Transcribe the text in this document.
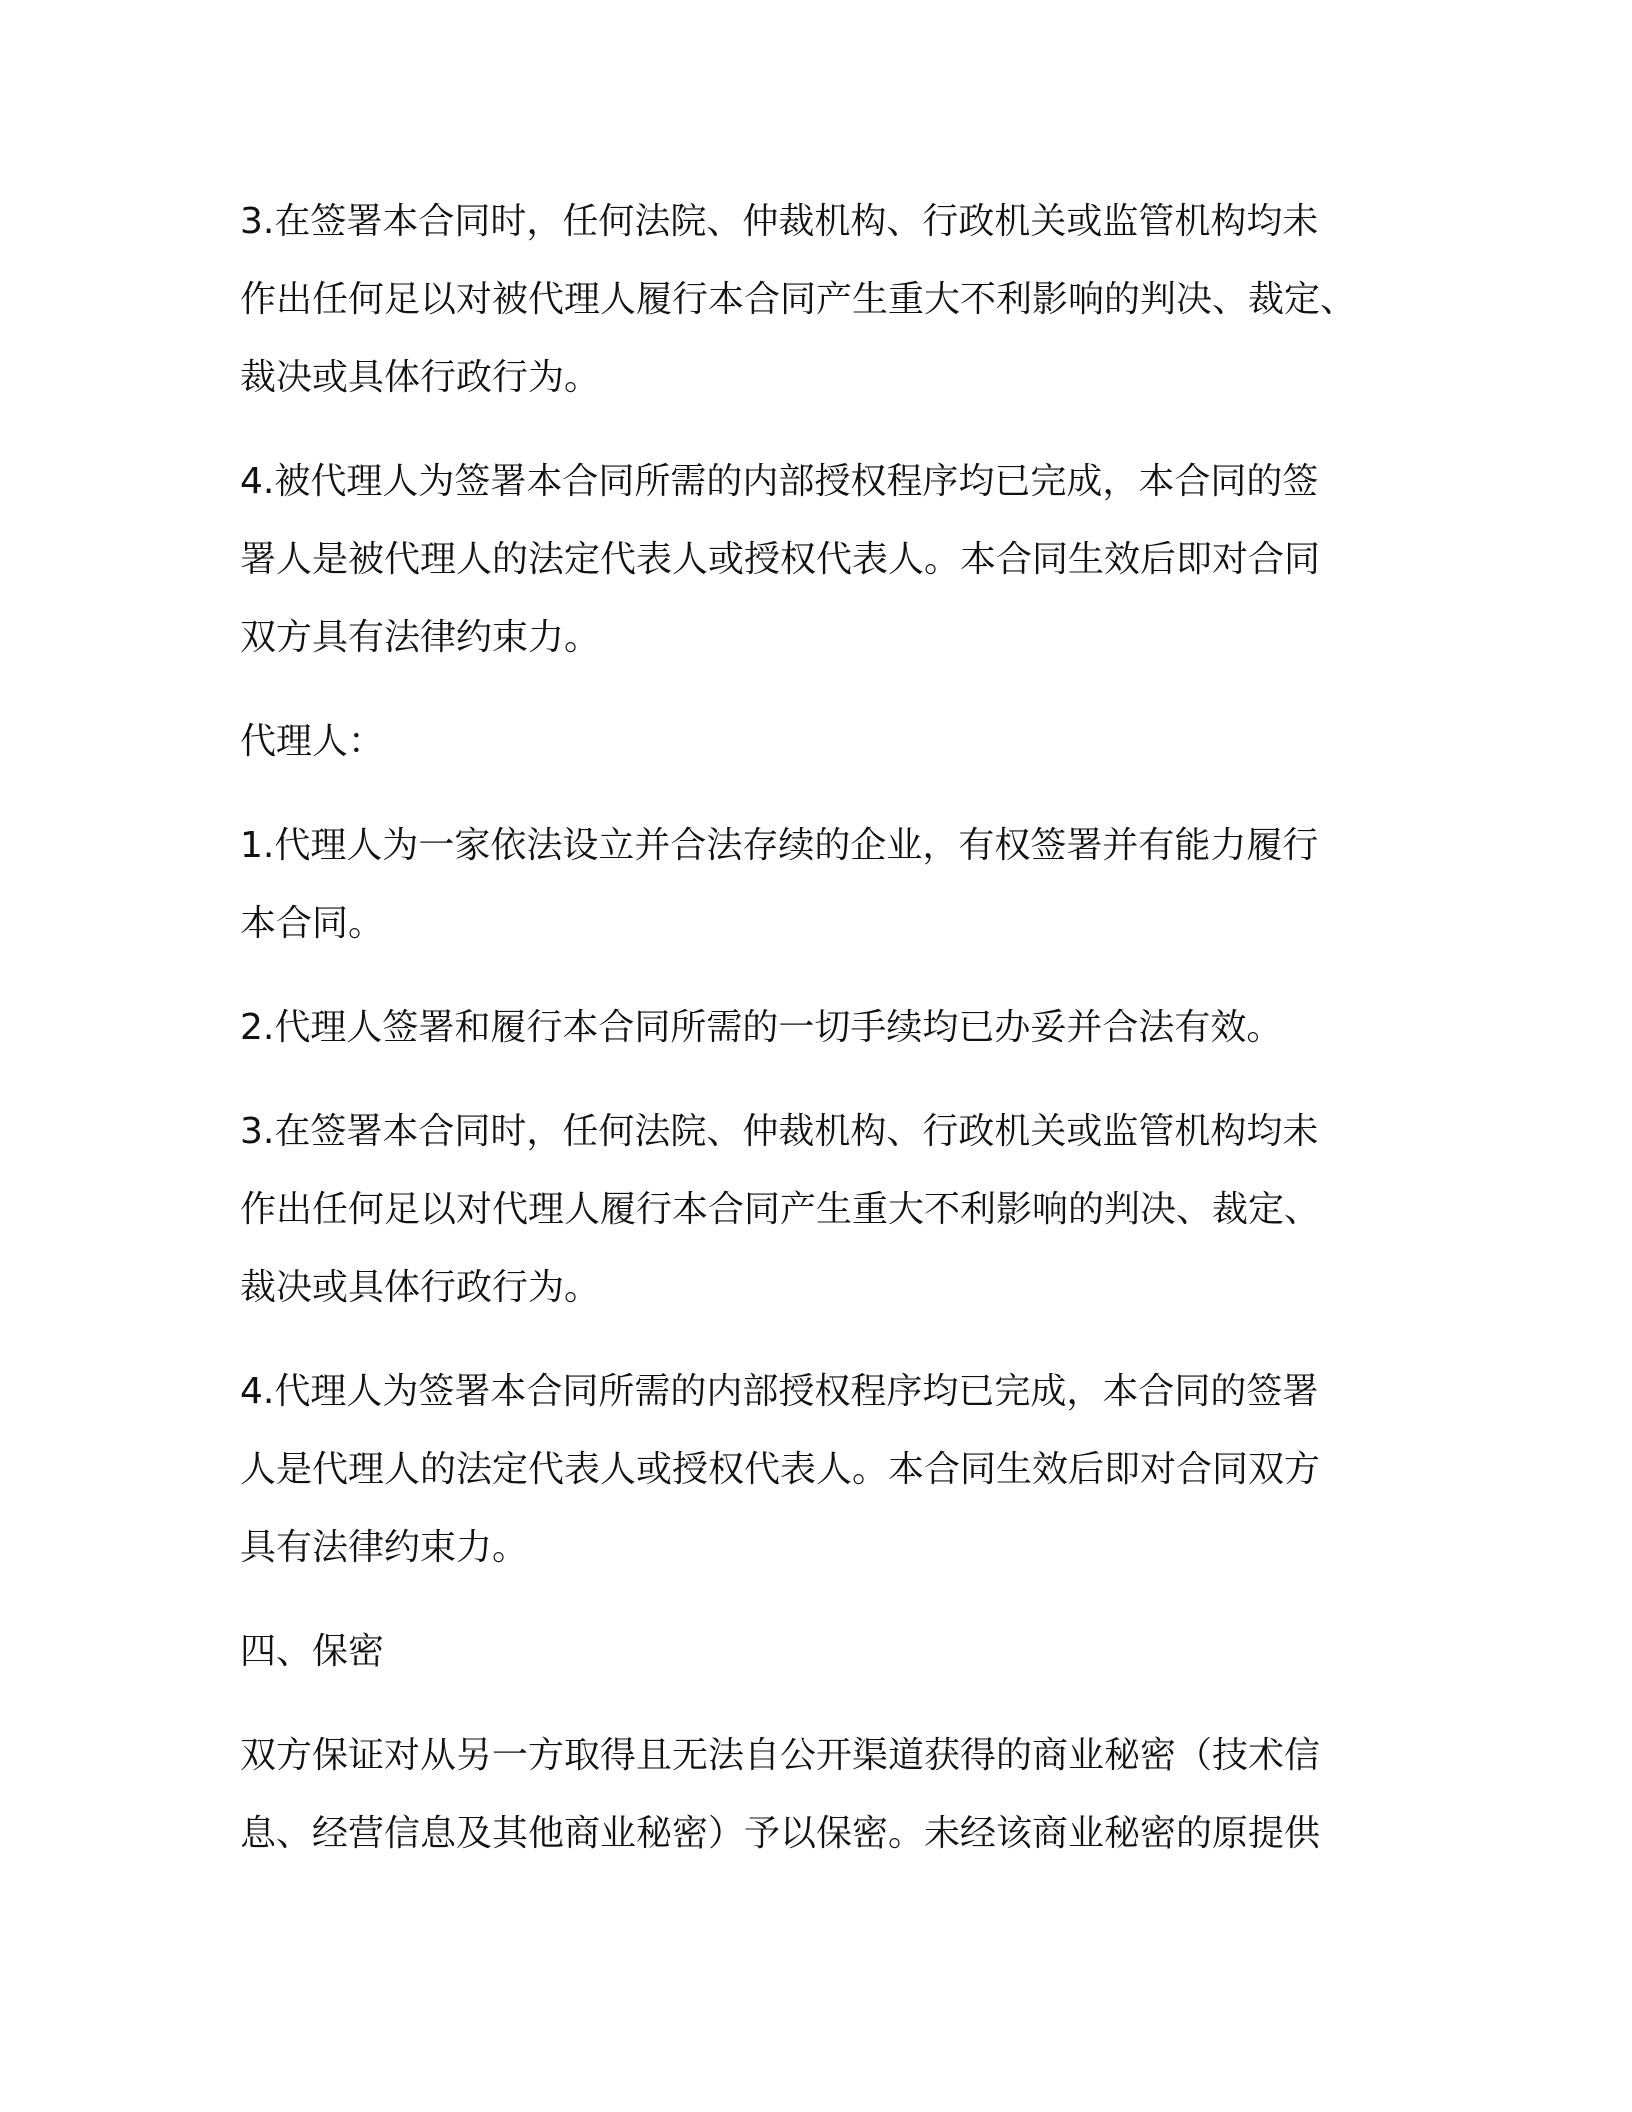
3.在签署本合同时，任何法院、仲裁机构、行政机关或监管机构均未
作出任何足以对被代理人履行本合同产生重大不利影响的判决、裁定、
裁决或具体行政行为。

4.被代理人为签署本合同所需的内部授权程序均已完成，本合同的签
署人是被代理人的法定代表人或授权代表人。本合同生效后即对合同
双方具有法律约束力。

代理人：

1.代理人为一家依法设立并合法存续的企业，有权签署并有能力履行
本合同。

2.代理人签署和履行本合同所需的一切手续均已办妥并合法有效。

3.在签署本合同时，任何法院、仲裁机构、行政机关或监管机构均未
作出任何足以对代理人履行本合同产生重大不利影响的判决、裁定、
裁决或具体行政行为。

4.代理人为签署本合同所需的内部授权程序均已完成，本合同的签署
人是代理人的法定代表人或授权代表人。本合同生效后即对合同双方
具有法律约束力。

四、保密

双方保证对从另一方取得且无法自公开渠道获得的商业秘密（技术信
息、经营信息及其他商业秘密）予以保密。未经该商业秘密的原提供
